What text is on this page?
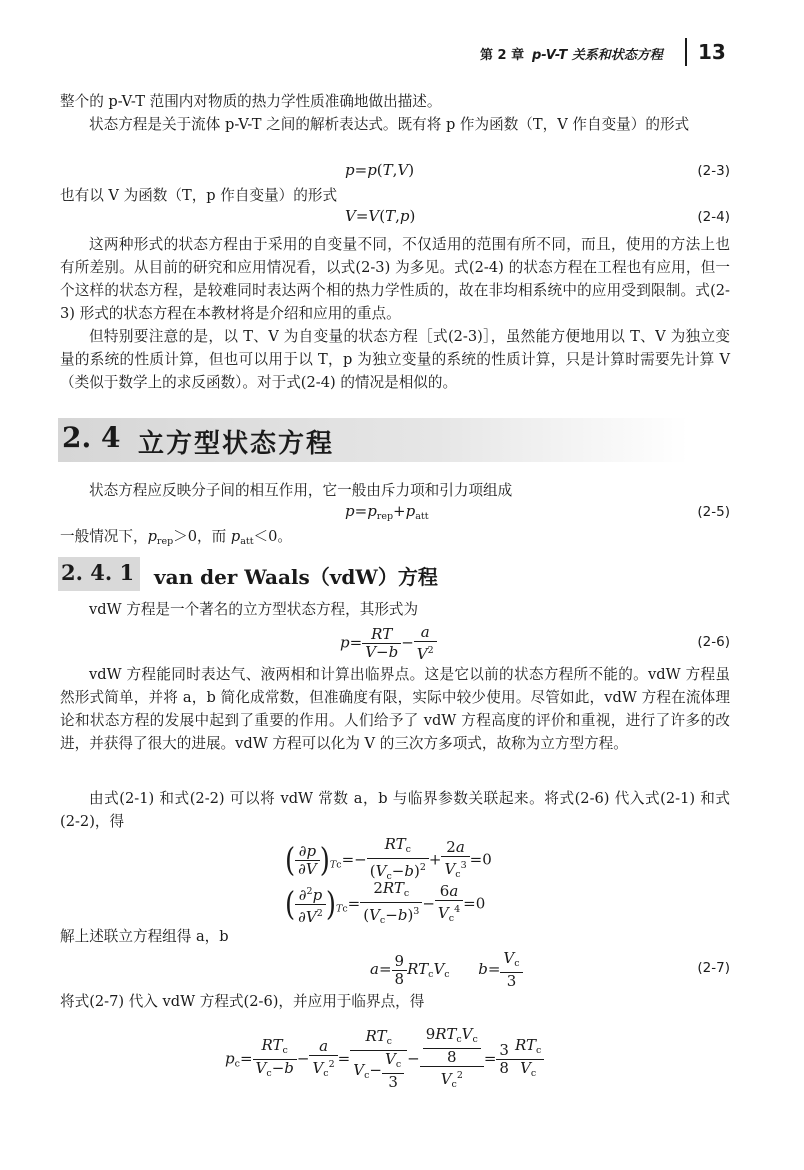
第 2 章 p-V-T 关系和状态方程 13
整个的 p-V-T 范围内对物质的热力学性质准确地做出描述。
状态方程是关于流体 p-V-T 之间的解析表达式。既有将 p 作为函数（T，V 作自变量）的形式
p=p(T,V)	(2-3)
也有以 V 为函数（T，p 作自变量）的形式
V=V(T,p)	(2-4)
这两种形式的状态方程由于采用的自变量不同，不仅适用的范围有所不同，而且，使用的方法上也有所差别。从目前的研究和应用情况看，以式(2-3) 为多见。式(2-4) 的状态方程在工程也有应用，但一个这样的状态方程，是较难同时表达两个相的热力学性质的，故在非均相系统中的应用受到限制。式(2-3) 形式的状态方程在本教材将是介绍和应用的重点。
但特别要注意的是，以 T、V 为自变量的状态方程［式(2-3)］，虽然能方便地用以 T、V 为独立变量的系统的性质计算，但也可以用于以 T，p 为独立变量的系统的性质计算，只是计算时需要先计算 V（类似于数学上的求反函数）。对于式(2-4) 的情况是相似的。
2. 4 立方型状态方程
状态方程应反映分子间的相互作用，它一般由斥力项和引力项组成
$p=p_{rep}+p_{att}$	(2-5)
一般情况下，$p_{rep}>0$，而 $p_{att}<0$。
2. 4. 1 van der Waals（vdW）方程
vdW 方程是一个著名的立方型状态方程，其形式为
$p= \frac{RT}{V-b} - \frac{a}{V^2}$	(2-6)
vdW 方程能同时表达气、液两相和计算出临界点。这是它以前的状态方程所不能的。vdW 方程虽然形式简单，并将 a，b 简化成常数，但准确度有限，实际中较少使用。尽管如此，vdW 方程在流体理论和状态方程的发展中起到了重要的作用。人们给予了 vdW 方程高度的评价和重视，进行了许多的改进，并获得了很大的进展。vdW 方程可以化为 V 的三次方多项式，故称为立方型方程。
由式(2-1) 和式(2-2) 可以将 vdW 常数 a，b 与临界参数关联起来。将式(2-6) 代入式(2-1) 和式(2-2)，得
( $\frac{\partial p}{\partial V} )_{Tc}=- \frac{RT_c}{(V_c-b)^2} + \frac{2a}{V_c^3} =0$
( $\frac{\partial^2p}{\partial V^2} )_{Tc}= \frac{2RT_c}{(V_c-b)^3} - \frac{6a}{V_c^4} =0$
解上述联立方程组得 a，b
$a= \frac{9}{8} RT_cV_c$ $b= \frac{V_c}{3}$	(2-7)
将式(2-7) 代入 vdW 方程式(2-6)，并应用于临界点，得
$p_c= \frac{RT_c}{V_c-b} - \frac{a}{V_c^2} = \frac{RT_c}{V_c- \frac{V_c}{3}} - \frac{\frac{9RT_cV_c}{8}}{V_c^2} = \frac{3}{8} \frac{RT_c}{V_c}$
